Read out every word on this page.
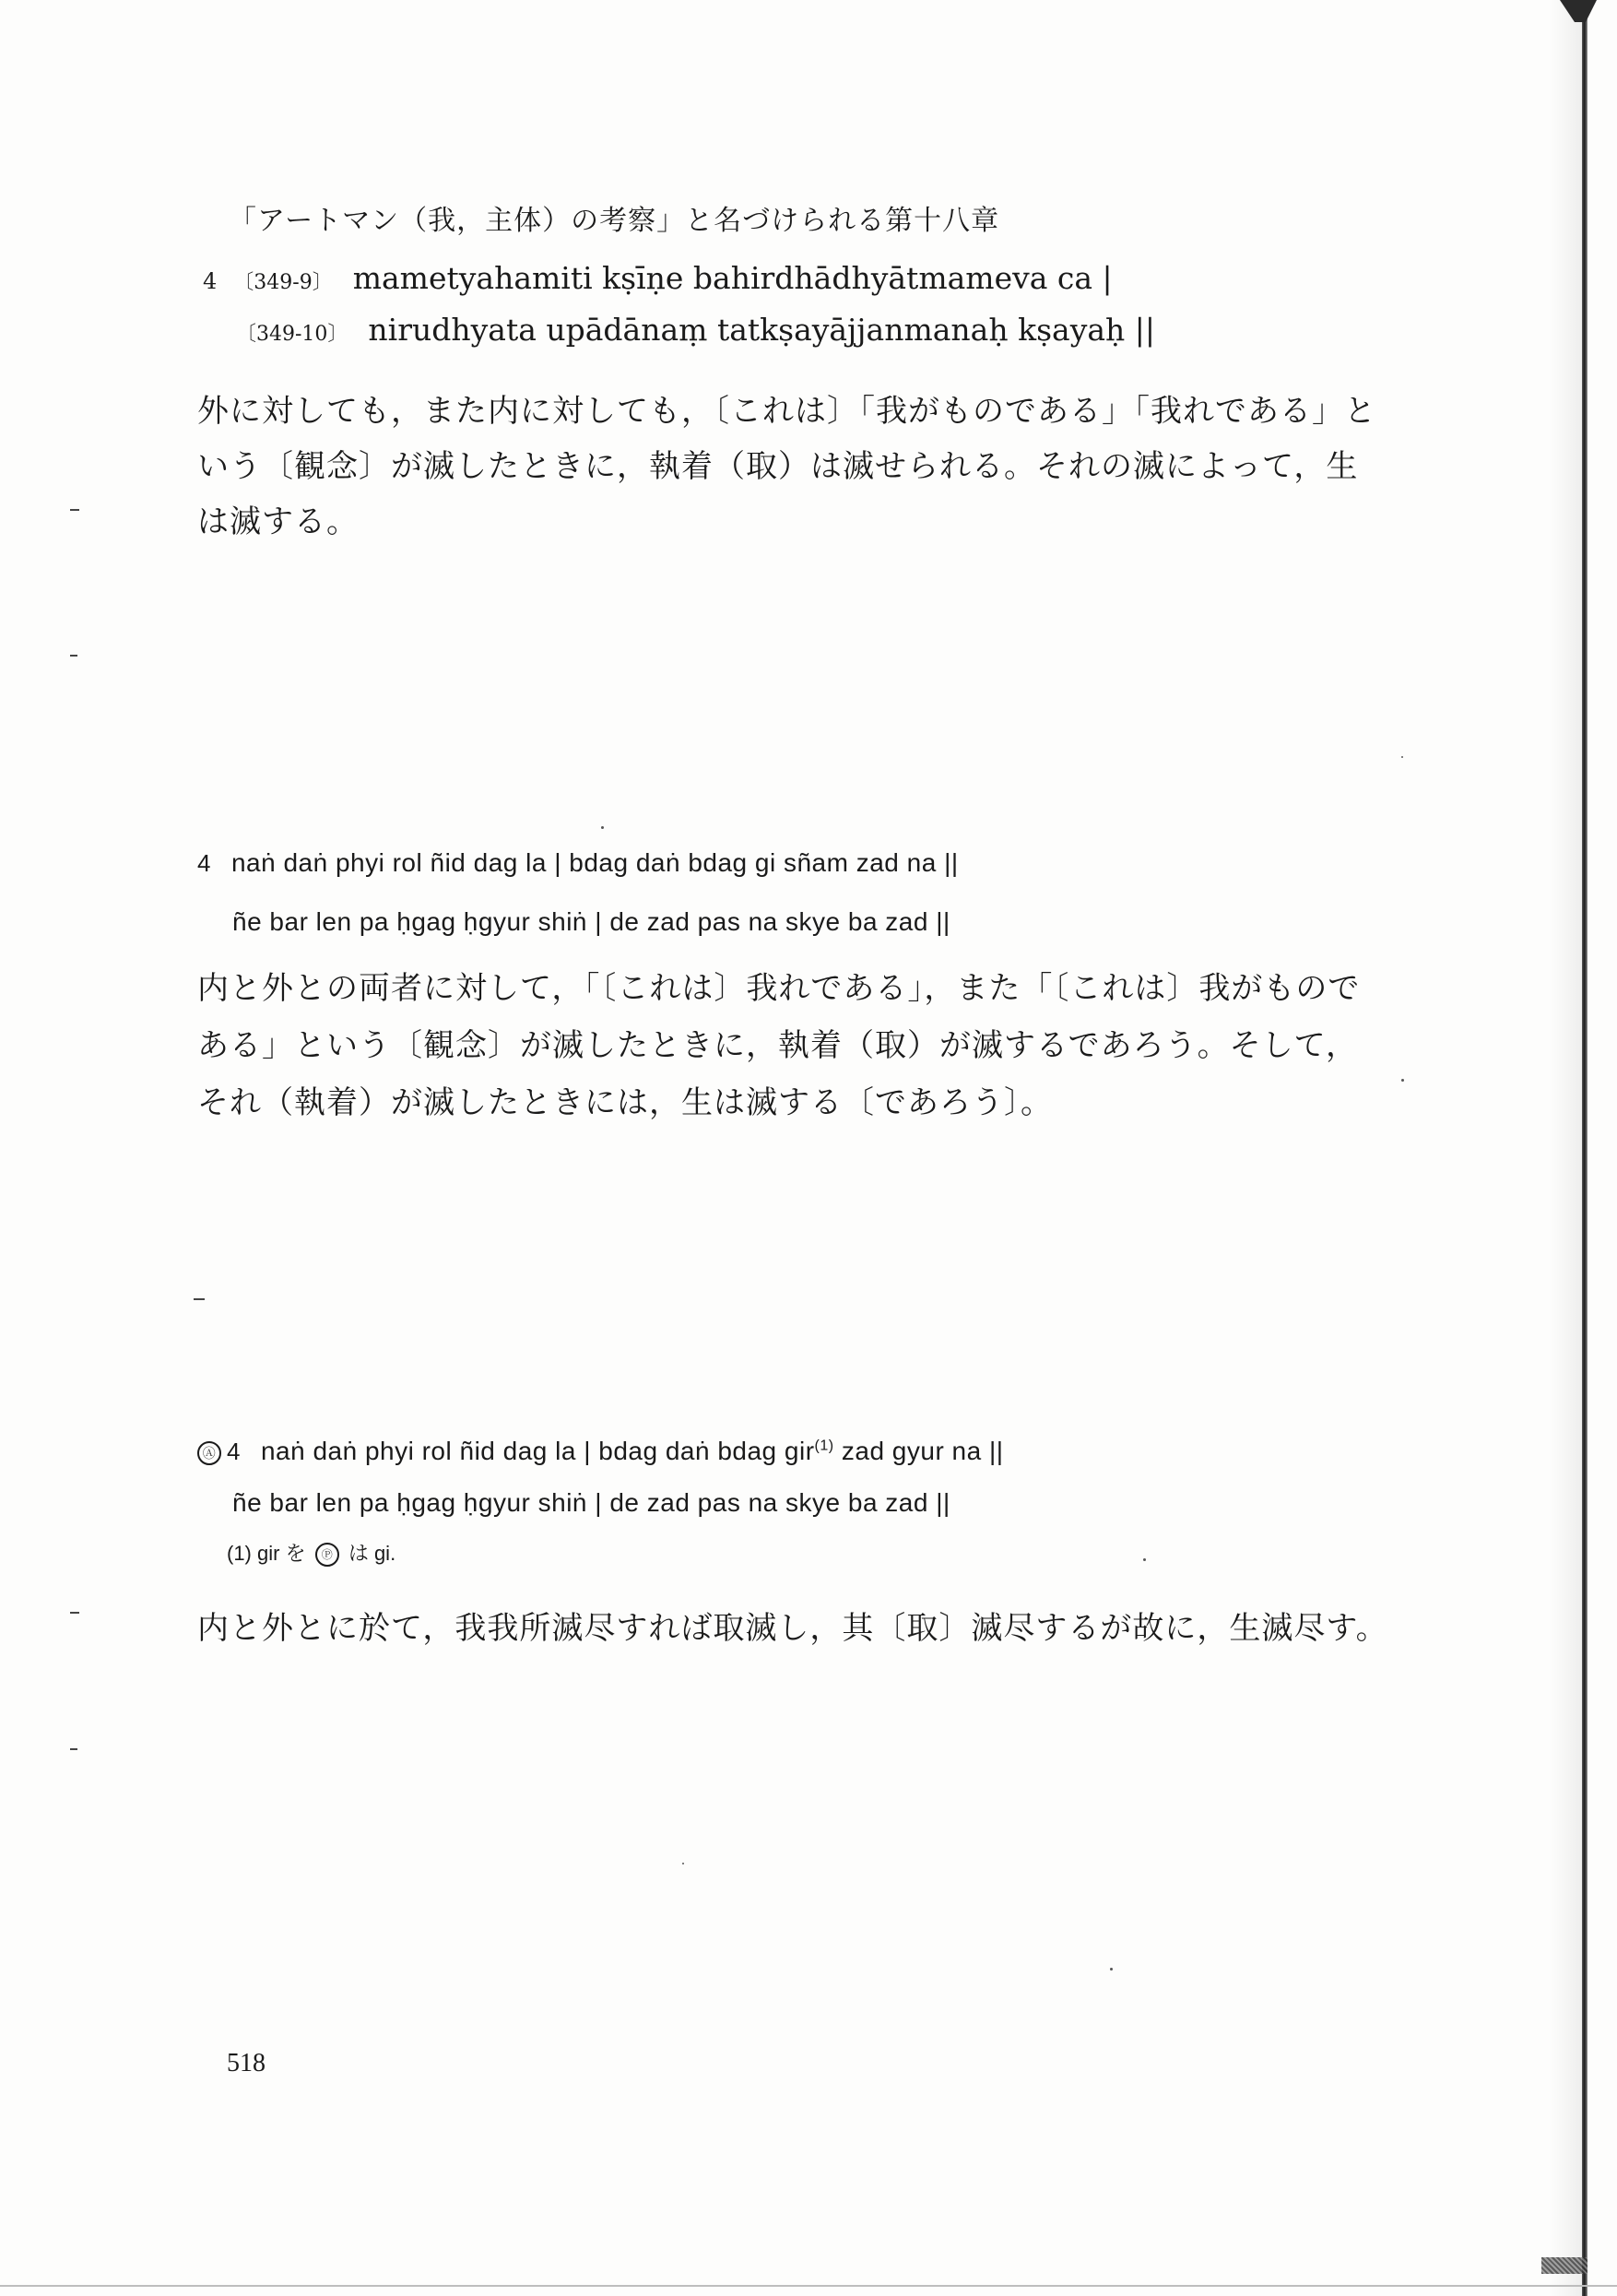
「アートマン（我，主体）の考察」と名づけられる第十八章
4 〔349-9〕 mametyahamiti kṣīṇe bahirdhādhyātmameva ca |
〔349-10〕 nirudhyata upādānaṃ tatkṣayājjanmanaḥ kṣayaḥ ||
外に対しても，また内に対しても，〔これは〕「我がものである」「我れである」と
いう〔観念〕が滅したときに，執着（取）は滅せられる。それの滅によって，生
は滅する。
4 naṅ daṅ phyi rol ñid dag la | bdag daṅ bdag gi sñam zad na ||
ñe bar len pa ḥgag ḥgyur shiṅ | de zad pas na skye ba zad ||
内と外との両者に対して，「〔これは〕我れである」，また「〔これは〕我がもので
ある」という〔観念〕が滅したときに，執着（取）が滅するであろう。そして，
それ（執着）が滅したときには，生は滅する〔であろう〕。
Ⓐ 4 naṅ daṅ phyi rol ñid dag la | bdag daṅ bdag gir$^{(1)}$ zad gyur na ||
ñe bar len pa ḥgag ḥgyur shiṅ | de zad pas na skye ba zad ||
(1) gir を Ⓟ は gi.
内と外とに於て，我我所滅尽すれば取滅し，其〔取〕滅尽するが故に，生滅尽す。
518
